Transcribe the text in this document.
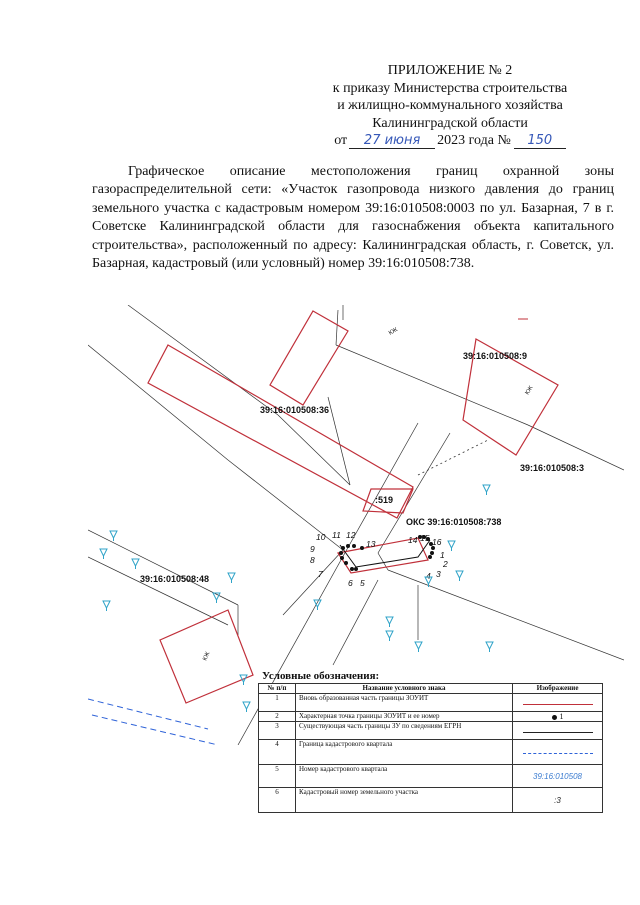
ПРИЛОЖЕНИЕ № 2
к приказу Министерства строительства
и жилищно-коммунального хозяйства
Калининградской области
от	27 июня	2023 года №	150
Графическое описание местоположения границ охранной зоны газораспределительной сети: «Участок газопровода низкого давления до границ земельного участка с кадастровым номером 39:16:010508:0003 по ул. Базарная, 7 в г. Советске Калининградской области для газоснабжения объекта капитального строительства», расположенный по адресу: Калининградская область, г. Советск, ул. Базарная, кадастровый (или условный) номер 39:16:010508:738.
1
2
3
4
5
6
7
8
9
10 11 12
13	14 15 16
39:16:010508:36
39:16:010508:9
39:16:010508:3
39:16:010508:48
:519
ОКС 39:16:010508:738
КЖ
КЖ
КЖ
Условные обозначения:
№ п/п	Название условного знака	Изображение
1	Вновь образованная часть границы ЗОУИТ	
2	Характерная точка границы ЗОУИТ и ее номер	1
3	Существующая часть границы ЗУ по сведениям ЕГРН	
4	Граница кадастрового квартала	
5	Номер кадастрового квартала	39:16:010508
6	Кадастровый номер земельного участка	:3
